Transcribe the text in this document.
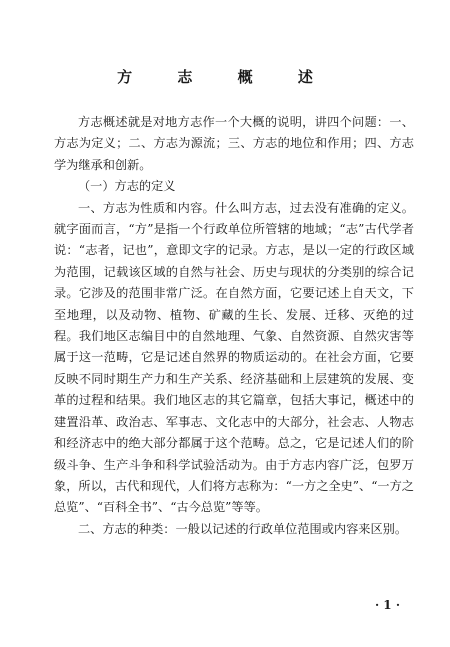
方 志 概 述

方志概述就是对地方志作一个大概的说明，讲四个问题：一、方志为定义；二、方志为源流；三、方志的地位和作用；四、方志学为继承和创新。

（一）方志的定义

一、方志为性质和内容。什么叫方志，过去没有准确的定义。就字面而言，“方”是指一个行政单位所管辖的地域；“志”古代学者说：“志者，记也”，意即文字的记录。方志，是以一定的行政区域为范围，记载该区域的自然与社会、历史与现状的分类别的综合记录。它涉及的范围非常广泛。在自然方面，它要记述上自天文，下至地理，以及动物、植物、矿藏的生长、发展、迁移、灭绝的过程。我们地区志编目中的自然地理、气象、自然资源、自然灾害等属于这一范畴，它是记述自然界的物质运动的。在社会方面，它要反映不同时期生产力和生产关系、经济基础和上层建筑的发展、变革的过程和结果。我们地区志的其它篇章，包括大事记，概述中的建置沿革、政治志、军事志、文化志中的大部分，社会志、人物志和经济志中的绝大部分都属于这个范畴。总之，它是记述人们的阶级斗争、生产斗争和科学试验活动为。由于方志内容广泛，包罗万象，所以，古代和现代，人们将方志称为：“一方之全史”、“一方之总览”、“百科全书”、“古今总览”等等。

二、方志的种类：一般以记述的行政单位范围或内容来区别。

· 1 ·
